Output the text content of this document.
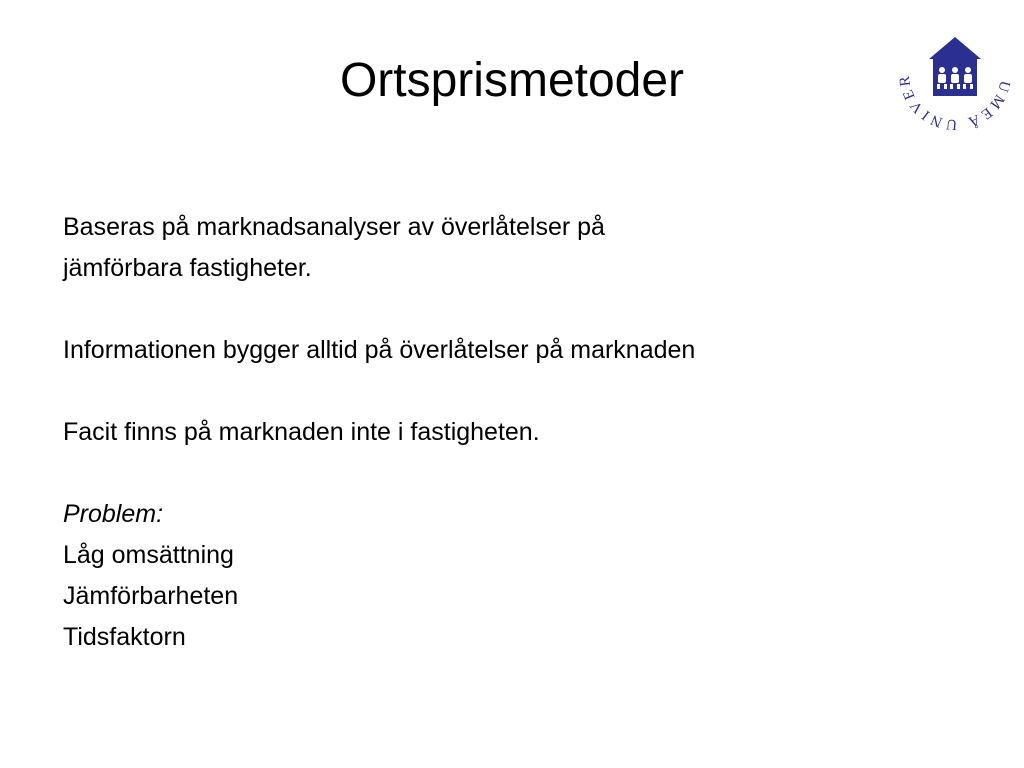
Ortsprismetoder	UMEÅ UNIVER

Baseras på marknadsanalyser av överlåtelser på

jämförbara fastigheter.

Informationen bygger alltid på överlåtelser på marknaden

Facit finns på marknaden inte i fastigheten.

Problem:

Låg omsättning

Jämförbarheten

Tidsfaktorn
